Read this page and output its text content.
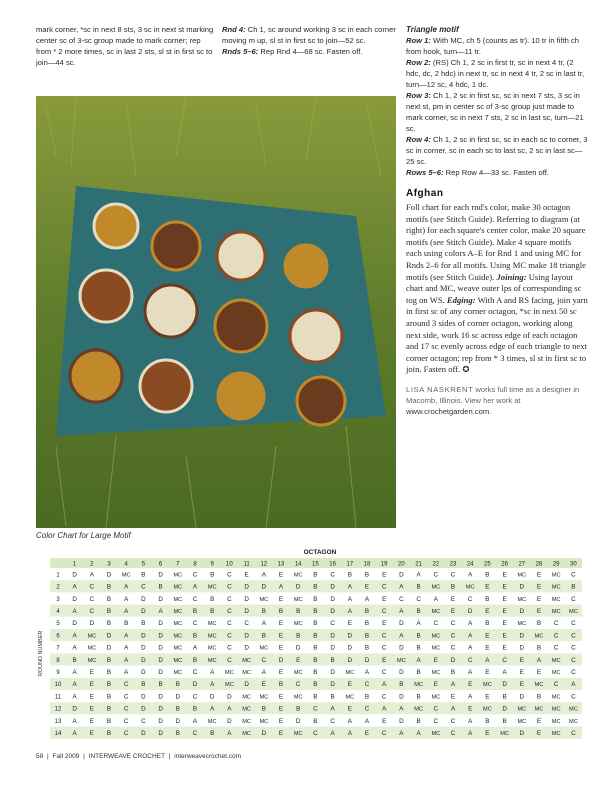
mark corner, *sc in next 8 sts, 3 sc in next st marking center sc of 3-sc group made to mark corner; rep from * 2 more times, sc in last 2 sts, sl st in first sc to join—44 sc.

Rnd 4: Ch 1, sc around working 3 sc in each corner moving m up, sl st in first sc to join—52 sc.

Rnds 5–6: Rep Rnd 4—68 sc. Fasten off.

Triangle motif

Row 1: With MC, ch 5 (counts as tr). 10 tr in fifth ch from hook, turn—11 tr.

Row 2: (RS) Ch 1, 2 sc in first tr, sc in next 4 tr, (2 hdc, dc, 2 hdc) in next tr, sc in next 4 tr, 2 sc in last tr, turn—12 sc, 4 hdc, 1 dc.

Row 3: Ch 1, 2 sc in first sc, sc in next 7 sts, 3 sc in next st, pm in center sc of 3-sc group just made to mark corner, sc in next 7 sts, 2 sc in last sc, turn—21 sc.

Row 4: Ch 1, 2 sc in first sc, sc in each sc to corner, 3 sc in corner, sc in each sc to last sc, 2 sc in last sc—25 sc.

Rows 5–6: Rep Row 4—33 sc. Fasten off.

Afghan

Foll chart for each rnd's color, make 30 octagon motifs (see Stitch Guide). Referring to diagram (at right) for each square's center color, make 20 square motifs (see Stitch Guide). Make 4 square motifs each using colors A–E for Rnd 1 and using MC for Rnds 2–6 for all motifs. Using MC make 18 triangle motifs (see Stitch Guide). Joining: Using layout chart and MC, weave outer lps of corresponding sc tog on WS. Edging: With A and RS facing, join yarn in first sc of any corner octagon, *sc in next 50 sc around 3 sides of corner octagon, working along next side, work 16 sc across edge of each octagon and 17 sc evenly across edge of each triangle to next corner octagon; rep from * 3 times, sl st in first sc to join. Fasten off. ✪

LISA NASKRENT works full time as a designer in Macomb, Illinois. View her work at www.crochetgarden.com.

Color Chart for Large Motif
OCTAGON
ROUND NUMBER
1 2 3 4 5 6 7 8 9 10 11 12 13 14 15 16 17 18 19 20 21 22 23 24 25 26 27 28 29 30
1 D A D MC B D MC C B C E A E MC B C B B E D A C C A B E MC E MC C
2 A C B A C B MC A MC C D D A D B D A E C A B MC B MC E E D E MC B
3 D C B A D D MC C B C D MC E MC B D A A E C C A E C B E MC E MC C
4 A C B A D A MC B B C D B B B B D A B C A B MC E D E E D E MC MC
5 D D B B B D MC C MC C C A E MC B C E B E D A C C A B E MC B C C
6 A MC D A D D MC B MC C D B E B B D D B C A B MC C A E E D MC C C
7 A MC D A D D MC A MC C D MC E D B D D B C D B MC C A E E D B C C
8 B MC B A D D MC B MC C MC C D E B B D D E MC A E D C A C E A MC C
9 A E B A D D MC C A MC MC A E MC B D MC A C D B MC B A E A E E MC C
10 A E B C B B B D A MC D E B C B D E C A B MC E A E MC D E MC C A
11 A E B C D D D C D D MC MC E MC B B MC B C D B MC E A E B D B MC C
12 D E B C D D B B A A MC B E B C A E C A A MC C A E MC D MC MC MC MC
13 A E B C C D D A MC D MC MC E D B C A A E D B C C A B B MC E MC MC
14 A E B C D D B C B A MC D E MC C A A E C A A MC C A E MC D E MC C
58 | Fall 2009 | INTERWEAVE CROCHET | interweavecrochet.com
